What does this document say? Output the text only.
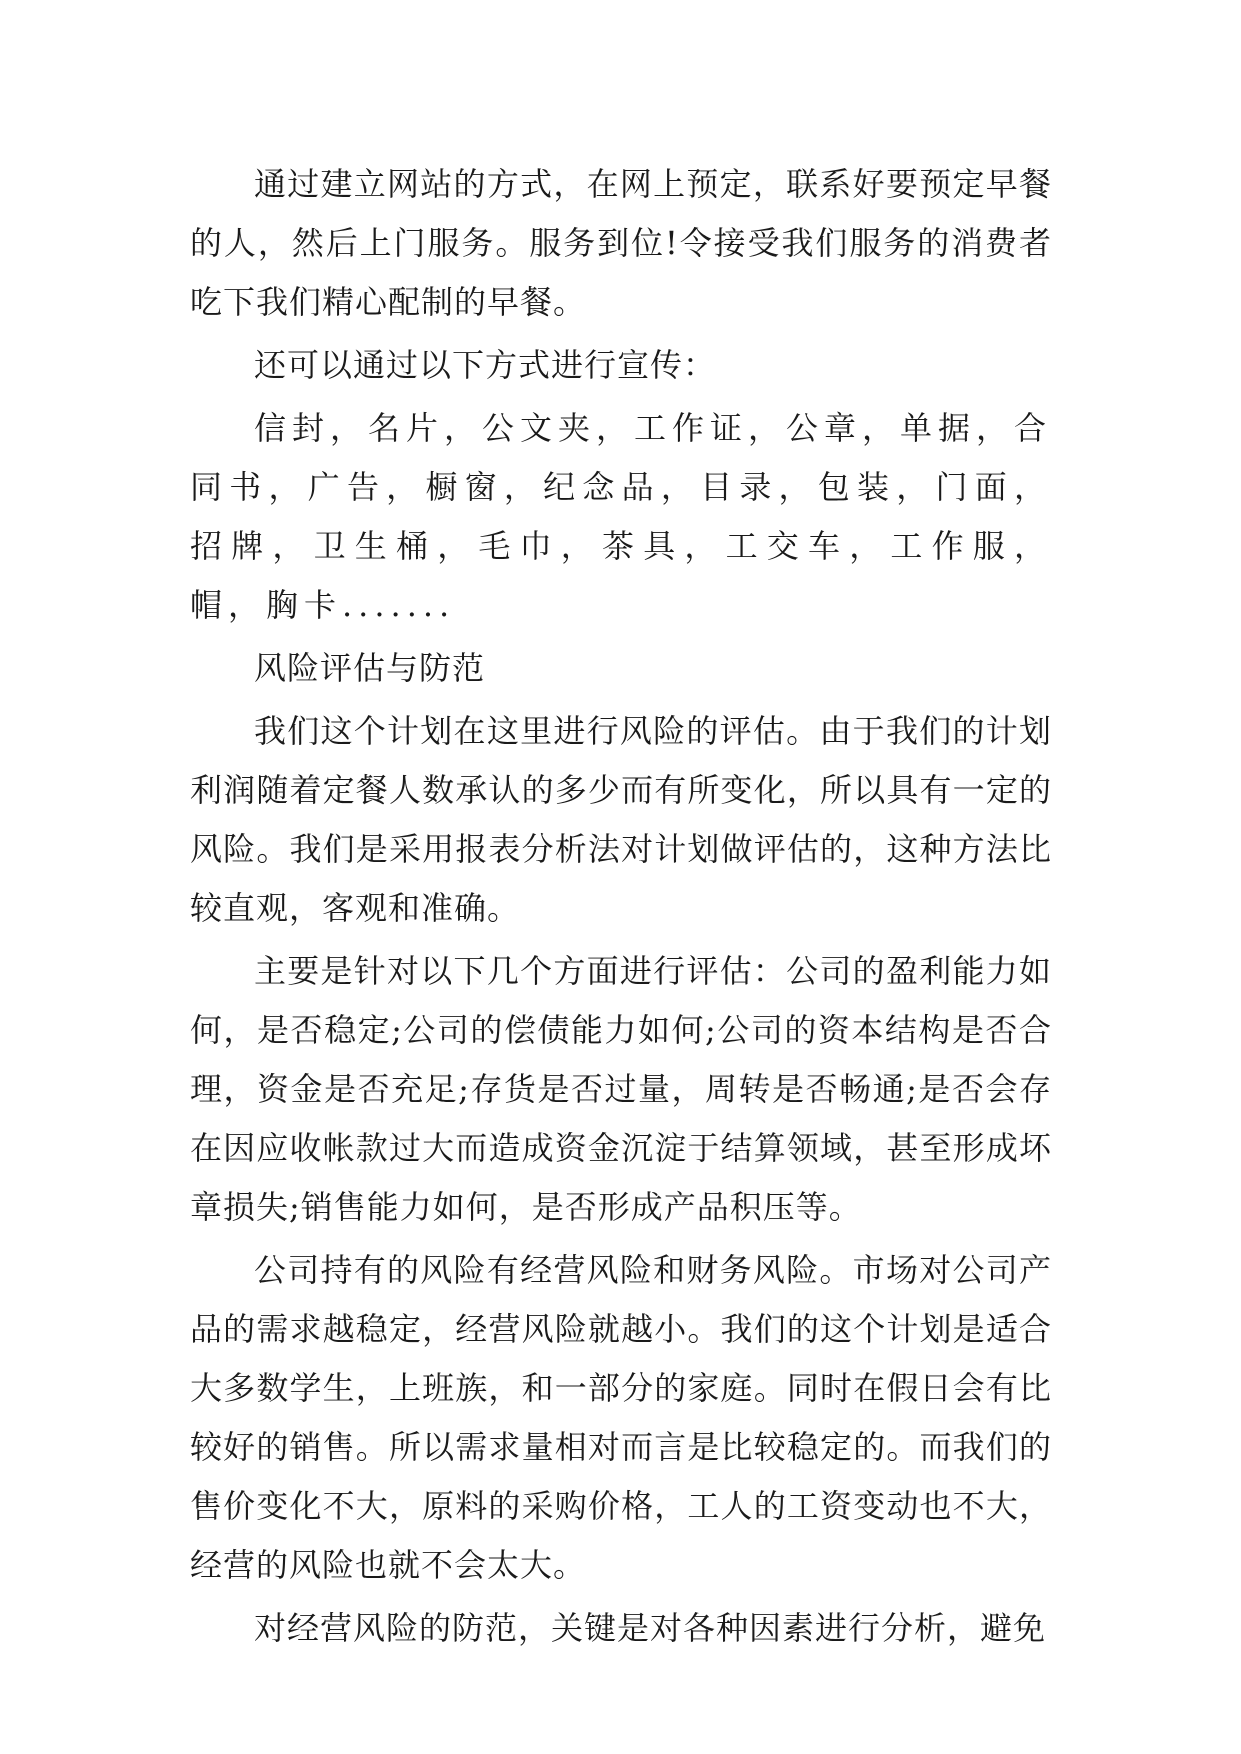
通过建立网站的方式，在网上预定，联系好要预定早餐的人，然后上门服务。服务到位!令接受我们服务的消费者吃下我们精心配制的早餐。

还可以通过以下方式进行宣传：

信封，名片，公文夹，工作证，公章，单据，合同书，广告，橱窗，纪念品，目录，包装，门面，招牌，卫生桶，毛巾，茶具，工交车，工作服，帽，胸卡.......

风险评估与防范

我们这个计划在这里进行风险的评估。由于我们的计划利润随着定餐人数承认的多少而有所变化，所以具有一定的风险。我们是采用报表分析法对计划做评估的，这种方法比较直观，客观和准确。

主要是针对以下几个方面进行评估：公司的盈利能力如何，是否稳定;公司的偿债能力如何;公司的资本结构是否合理，资金是否充足;存货是否过量，周转是否畅通;是否会存在因应收帐款过大而造成资金沉淀于结算领域，甚至形成坏章损失;销售能力如何，是否形成产品积压等。

公司持有的风险有经营风险和财务风险。市场对公司产品的需求越稳定，经营风险就越小。我们的这个计划是适合大多数学生，上班族，和一部分的家庭。同时在假日会有比较好的销售。所以需求量相对而言是比较稳定的。而我们的售价变化不大，原料的采购价格，工人的工资变动也不大，经营的风险也就不会太大。

对经营风险的防范，关键是对各种因素进行分析，避免
